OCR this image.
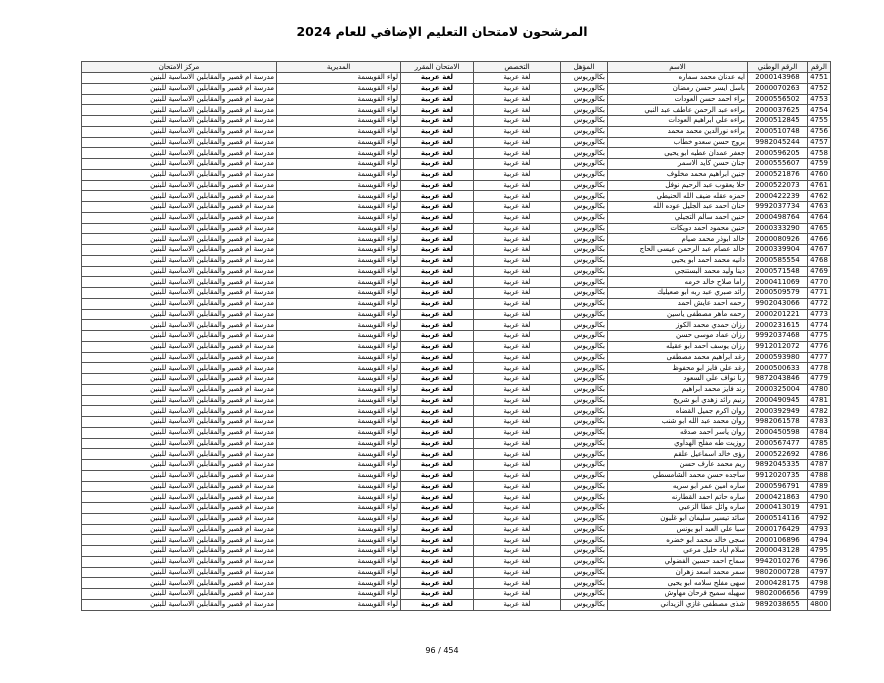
المرشحون لامتحان التعليم الإضافي للعام 2024
الرقم	الرقم الوطني	الاسم	المؤهل	التخصص	الامتحان المقرر	المديرية	مركز الامتحان
4751	2000143968	ايه عدنان محمد سماره	بكالوريوس	لغة عربية	لغة عربية	لواء القويسمة	مدرسة ام قصير والمقابلين الاساسية للبنين
4752	2000070263	باسل ايسر حسن رمضان	بكالوريوس	لغة عربية	لغة عربية	لواء القويسمة	مدرسة ام قصير والمقابلين الاساسية للبنين
4753	2000556502	براء احمد حسن العودات	بكالوريوس	لغة عربية	لغة عربية	لواء القويسمة	مدرسة ام قصير والمقابلين الاساسية للبنين
4754	2000037625	براءه عبد الرحمن عاطف عبد النبي	بكالوريوس	لغة عربية	لغة عربية	لواء القويسمة	مدرسة ام قصير والمقابلين الاساسية للبنين
4755	2000512845	براءه علي ابراهيم العودات	بكالوريوس	لغة عربية	لغة عربية	لواء القويسمة	مدرسة ام قصير والمقابلين الاساسية للبنين
4756	2000510748	براءه نورالدين محمد محمد	بكالوريوس	لغة عربية	لغة عربية	لواء القويسمة	مدرسة ام قصير والمقابلين الاساسية للبنين
4757	9982045244	بروج حسن سعدو خطاب	بكالوريوس	لغة عربية	لغة عربية	لواء القويسمة	مدرسة ام قصير والمقابلين الاساسية للبنين
4758	2000596205	جعفر عمدان عطيه ابو يحيى	بكالوريوس	لغة عربية	لغة عربية	لواء القويسمة	مدرسة ام قصير والمقابلين الاساسية للبنين
4759	2000555607	جنان حسن كايد الاسمر	بكالوريوس	لغة عربية	لغة عربية	لواء القويسمة	مدرسة ام قصير والمقابلين الاساسية للبنين
4760	2000521876	جنين ابراهيم محمد مخلوف	بكالوريوس	لغة عربية	لغة عربية	لواء القويسمة	مدرسة ام قصير والمقابلين الاساسية للبنين
4761	2000522073	حلا يعقوب عبد الرحيم نوفل	بكالوريوس	لغة عربية	لغة عربية	لواء القويسمة	مدرسة ام قصير والمقابلين الاساسية للبنين
4762	2000422239	حمزه عقله ضيف الله الحنيطي	بكالوريوس	لغة عربية	لغة عربية	لواء القويسمة	مدرسة ام قصير والمقابلين الاساسية للبنين
4763	9992037734	حنان احمد عبد الجليل عوده الله	بكالوريوس	لغة عربية	لغة عربية	لواء القويسمة	مدرسة ام قصير والمقابلين الاساسية للبنين
4764	2000498764	حنين احمد سالم التجيلي	بكالوريوس	لغة عربية	لغة عربية	لواء القويسمة	مدرسة ام قصير والمقابلين الاساسية للبنين
4765	2000333290	حنين محمود احمد دويكات	بكالوريوس	لغة عربية	لغة عربية	لواء القويسمة	مدرسة ام قصير والمقابلين الاساسية للبنين
4766	2000080926	خالد ابوذر محمد صيام	بكالوريوس	لغة عربية	لغة عربية	لواء القويسمة	مدرسة ام قصير والمقابلين الاساسية للبنين
4767	2000339904	خالد عصام عبد الرحمن عيسى الحاج	بكالوريوس	لغة عربية	لغة عربية	لواء القويسمة	مدرسة ام قصير والمقابلين الاساسية للبنين
4768	2000585554	دانيه محمد احمد ابو يحيى	بكالوريوس	لغة عربية	لغة عربية	لواء القويسمة	مدرسة ام قصير والمقابلين الاساسية للبنين
4769	2000571548	دينا وليد محمد البستنجي	بكالوريوس	لغة عربية	لغة عربية	لواء القويسمة	مدرسة ام قصير والمقابلين الاساسية للبنين
4770	2000411069	راما صلاح خالد خرمه	بكالوريوس	لغة عربية	لغة عربية	لواء القويسمة	مدرسة ام قصير والمقابلين الاساسية للبنين
4771	2000509579	رائد صبري عبد ربه ابو صعيليك	بكالوريوس	لغة عربية	لغة عربية	لواء القويسمة	مدرسة ام قصير والمقابلين الاساسية للبنين
4772	9902043066	رحمه احمد عايش احمد	بكالوريوس	لغة عربية	لغة عربية	لواء القويسمة	مدرسة ام قصير والمقابلين الاساسية للبنين
4773	2000201221	رحمه ماهر مصطفى ياسين	بكالوريوس	لغة عربية	لغة عربية	لواء القويسمة	مدرسة ام قصير والمقابلين الاساسية للبنين
4774	2000231615	رزان حمدي محمد الكوز	بكالوريوس	لغة عربية	لغة عربية	لواء القويسمة	مدرسة ام قصير والمقابلين الاساسية للبنين
4775	9992037468	رزان عماد موسى حسن	بكالوريوس	لغة عربية	لغة عربية	لواء القويسمة	مدرسة ام قصير والمقابلين الاساسية للبنين
4776	9912012072	رزان يوسف احمد ابو عقيله	بكالوريوس	لغة عربية	لغة عربية	لواء القويسمة	مدرسة ام قصير والمقابلين الاساسية للبنين
4777	2000593980	رغد ابراهيم محمد مصطفى	بكالوريوس	لغة عربية	لغة عربية	لواء القويسمة	مدرسة ام قصير والمقابلين الاساسية للبنين
4778	2000500633	رغد علي فايز ابو محفوظ	بكالوريوس	لغة عربية	لغة عربية	لواء القويسمة	مدرسة ام قصير والمقابلين الاساسية للبنين
4779	9872043846	رنا نواف علي السعود	بكالوريوس	لغة عربية	لغة عربية	لواء القويسمة	مدرسة ام قصير والمقابلين الاساسية للبنين
4780	2000325004	رند فايز محمد ابراهيم	بكالوريوس	لغة عربية	لغة عربية	لواء القويسمة	مدرسة ام قصير والمقابلين الاساسية للبنين
4781	2000490945	رنيم رائد زهدي ابو شريخ	بكالوريوس	لغة عربية	لغة عربية	لواء القويسمة	مدرسة ام قصير والمقابلين الاساسية للبنين
4782	2000392949	روان اكرم جميل القضاه	بكالوريوس	لغة عربية	لغة عربية	لواء القويسمة	مدرسة ام قصير والمقابلين الاساسية للبنين
4783	9982061578	روان محمد عبد الله ابو شنب	بكالوريوس	لغة عربية	لغة عربية	لواء القويسمة	مدرسة ام قصير والمقابلين الاساسية للبنين
4784	2000450598	روان ياسر احمد صدقه	بكالوريوس	لغة عربية	لغة عربية	لواء القويسمة	مدرسة ام قصير والمقابلين الاساسية للبنين
4785	2000567477	روزيت طه مفلح الهداوي	بكالوريوس	لغة عربية	لغة عربية	لواء القويسمة	مدرسة ام قصير والمقابلين الاساسية للبنين
4786	2000522692	رؤى خالد اسماعيل علقم	بكالوريوس	لغة عربية	لغة عربية	لواء القويسمة	مدرسة ام قصير والمقابلين الاساسية للبنين
4787	9892045335	ريم محمد عارف حسن	بكالوريوس	لغة عربية	لغة عربية	لواء القويسمة	مدرسة ام قصير والمقابلين الاساسية للبنين
4788	9912020735	ساجده حسن محمد الشامسطي	بكالوريوس	لغة عربية	لغة عربية	لواء القويسمة	مدرسة ام قصير والمقابلين الاساسية للبنين
4789	2000596791	ساره امين عمر ابو سريه	بكالوريوس	لغة عربية	لغة عربية	لواء القويسمة	مدرسة ام قصير والمقابلين الاساسية للبنين
4790	2000421863	ساره حاتم احمد القطارنه	بكالوريوس	لغة عربية	لغة عربية	لواء القويسمة	مدرسة ام قصير والمقابلين الاساسية للبنين
4791	2000413019	ساره وائل عطا الزعبي	بكالوريوس	لغة عربية	لغة عربية	لواء القويسمة	مدرسة ام قصير والمقابلين الاساسية للبنين
4792	2000514116	سائد تيسير سليمان ابو غليون	بكالوريوس	لغة عربية	لغة عربية	لواء القويسمة	مدرسة ام قصير والمقابلين الاساسية للبنين
4793	2000176429	سبأ علي العبد ابو يونس	بكالوريوس	لغة عربية	لغة عربية	لواء القويسمة	مدرسة ام قصير والمقابلين الاساسية للبنين
4794	2000106896	سجى خالد محمد ابو خضره	بكالوريوس	لغة عربية	لغة عربية	لواء القويسمة	مدرسة ام قصير والمقابلين الاساسية للبنين
4795	2000043128	سلام اياد خليل مرعي	بكالوريوس	لغة عربية	لغة عربية	لواء القويسمة	مدرسة ام قصير والمقابلين الاساسية للبنين
4796	9942010276	سماح احمد حسين الفضولي	بكالوريوس	لغة عربية	لغة عربية	لواء القويسمة	مدرسة ام قصير والمقابلين الاساسية للبنين
4797	9802000728	سمر محمد اسعد زهران	بكالوريوس	لغة عربية	لغة عربية	لواء القويسمة	مدرسة ام قصير والمقابلين الاساسية للبنين
4798	2000428175	سهى مفلح سلامه ابو يحيى	بكالوريوس	لغة عربية	لغة عربية	لواء القويسمة	مدرسة ام قصير والمقابلين الاساسية للبنين
4799	9802006656	سهيله سميح فرحان مهاوش	بكالوريوس	لغة عربية	لغة عربية	لواء القويسمة	مدرسة ام قصير والمقابلين الاساسية للبنين
4800	9892038655	شذى مصطفى غازي الزيداني	بكالوريوس	لغة عربية	لغة عربية	لواء القويسمة	مدرسة ام قصير والمقابلين الاساسية للبنين
96 / 454
